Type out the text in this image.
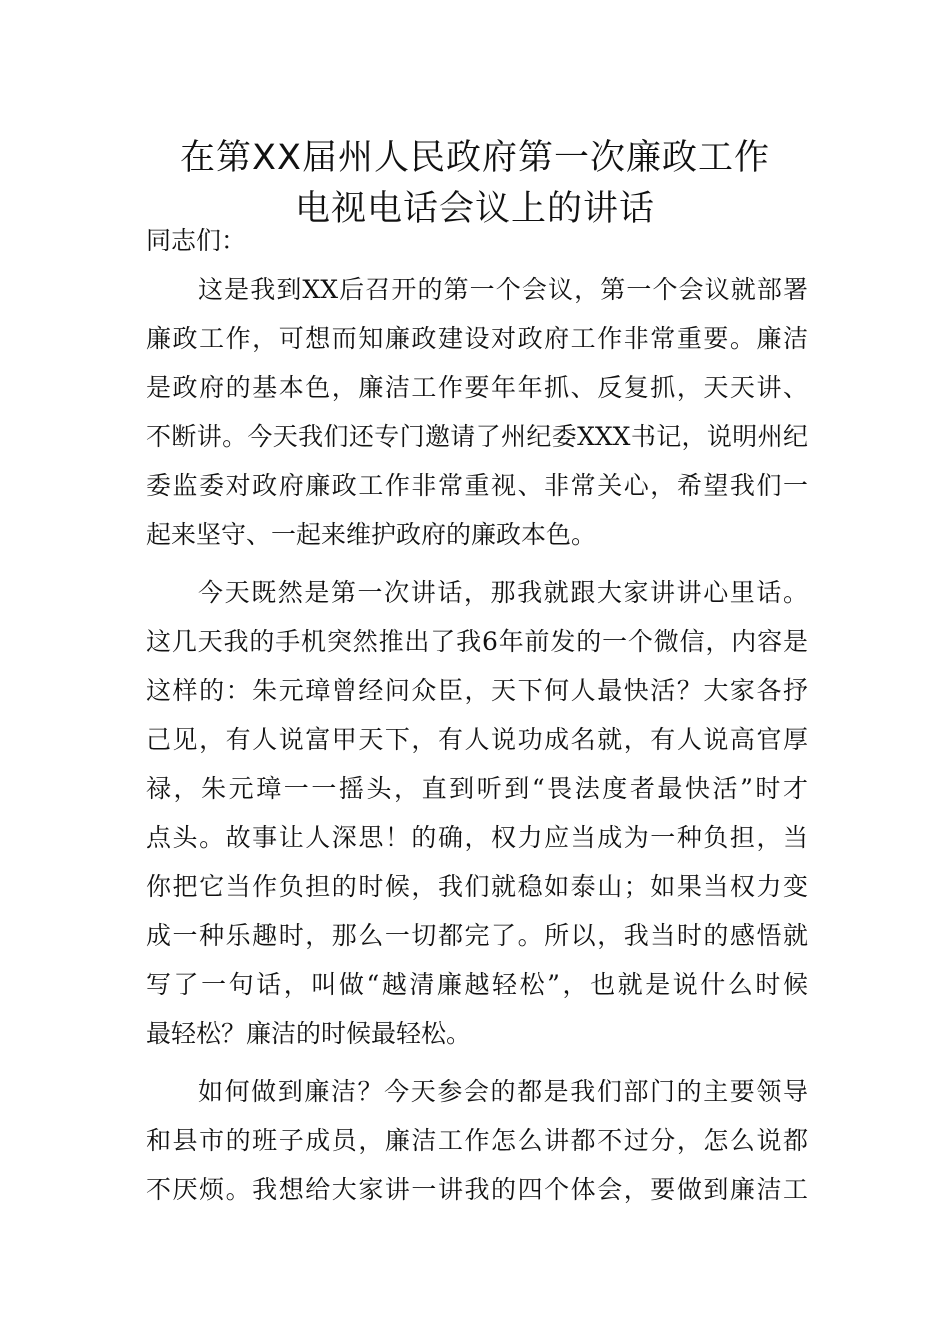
在第XX届州人民政府第一次廉政工作
电视电话会议上的讲话
同志们：
这是我到XX后召开的第一个会议，第一个会议就部署
廉政工作，可想而知廉政建设对政府工作非常重要。廉洁
是政府的基本色，廉洁工作要年年抓、反复抓，天天讲、
不断讲。今天我们还专门邀请了州纪委XXX书记，说明州纪
委监委对政府廉政工作非常重视、非常关心，希望我们一
起来坚守、一起来维护政府的廉政本色。
今天既然是第一次讲话，那我就跟大家讲讲心里话。
这几天我的手机突然推出了我6年前发的一个微信，内容是
这样的：朱元璋曾经问众臣，天下何人最快活？大家各抒
己见，有人说富甲天下，有人说功成名就，有人说高官厚
禄，朱元璋一一摇头，直到听到“畏法度者最快活”时才
点头。故事让人深思！的确，权力应当成为一种负担，当
你把它当作负担的时候，我们就稳如泰山；如果当权力变
成一种乐趣时，那么一切都完了。所以，我当时的感悟就
写了一句话，叫做“越清廉越轻松”，也就是说什么时候
最轻松？廉洁的时候最轻松。
如何做到廉洁？今天参会的都是我们部门的主要领导
和县市的班子成员，廉洁工作怎么讲都不过分，怎么说都
不厌烦。我想给大家讲一讲我的四个体会，要做到廉洁工
